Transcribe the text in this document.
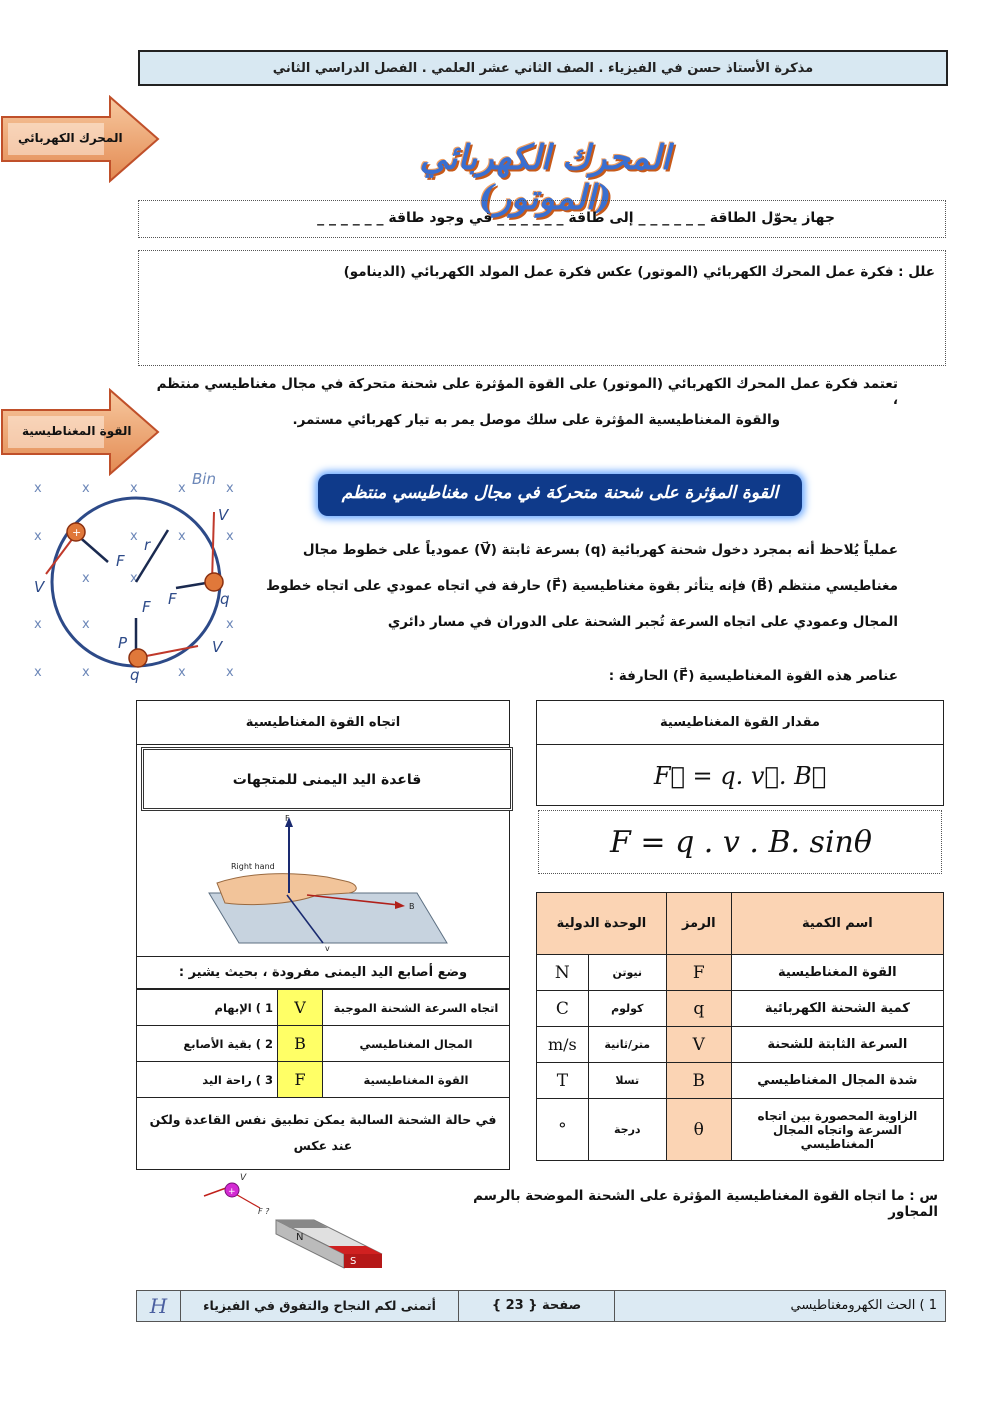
مذكرة الأستاذ حسن في الفيزياء . الصف الثاني عشر العلمي . الفصل الدراسي الثاني
المحرك الكهربائي
القوة المغناطيسية
المحرك الكهربائي (الموتور)
جهاز يحوّل الطاقة _ _ _ _ _ _ إلى طاقة _ _ _ _ _ _ في وجود طاقة _ _ _ _ _ _
علل : فكرة عمل المحرك الكهربائي (الموتور) عكس فكرة عمل المولد الكهربائي (الدينامو)
تعتمد فكرة عمل المحرك الكهربائي (الموتور) على القوة المؤثرة على شحنة متحركة في مجال مغناطيسي منتظم ،
والقوة المغناطيسية المؤثرة على سلك موصل يمر به تيار كهربائي مستمر.
القوة المؤثرة على شحنة متحركة في مجال مغناطيسي منتظم
x	x	x	x	x
x	x	x	x
x	x
x	x	x
x	x	x	x
Bin
F
F
F
V
V
V
q
q
r
P
+
عملياً يُلاحظ أنه بمجرد دخول شحنة كهربائية (q) بسرعة ثابتة (V⃗) عمودياً على خطوط مجال
مغناطيسي منتظم (B⃗) فإنه يتأثر بقوة مغناطيسية (F⃗) حارفة في اتجاه عمودي على اتجاه خطوط
المجال وعمودي على اتجاه السرعة تُجبر الشحنة على الدوران في مسار دائري
عناصر هذه القوة المغناطيسية (F⃗) الحارفة :
مقدار القوة المغناطيسية
F⃗ = q. v⃗. B⃗
F = q . v . B. sinθ
اسم الكمية	الرمز	الوحدة الدولية	
القوة المغناطيسية	F	نيوتن	N
كمية الشحنة الكهربائية	q	كولوم	C
السرعة الثابتة للشحنة	V	متر/ثانية	m/s
شدة المجال المغناطيسي	B	تسلا	T
الزاوية المحصورة بين اتجاه السرعة واتجاه المجال المغناطيسي	θ	درجة	°
اتجاه القوة المغناطيسية
قاعدة اليد اليمنى للمتجهات
F
Right hand
B
v
وضع أصابع اليد اليمنى مفرودة ، بحيث يشير :
اتجاه السرعة الشحنة الموجبة	V	1 ) الإبهام
المجال المغناطيسي	B	2 ) بقية الأصابع
القوة المغناطيسية	F	3 ) راحة اليد
في حالة الشحنة السالبة يمكن تطبيق نفس القاعدة ولكن عند عكس
س : ما اتجاه القوة المغناطيسية المؤثرة على الشحنة الموضحة بالرسم المجاور
+
V
F ?
N
S
H	أتمنى لكم النجاح والتفوق في الفيزياء	صفحة { 23 }	1 ) الحث الكهرومغناطيسي
